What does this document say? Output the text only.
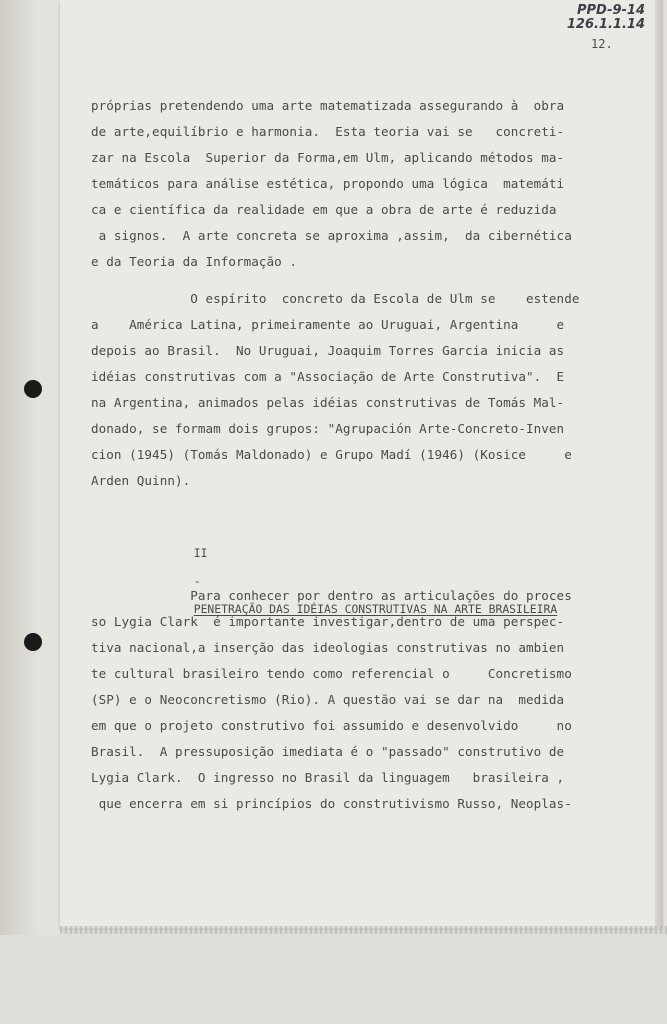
PPD-9-14
126.1.1.14
12.
próprias pretendendo uma arte matematizada assegurando à  obra
de arte,equilíbrio e harmonia.  Esta teoria vai se   concreti-
zar na Escola  Superior da Forma,em Ulm, aplicando métodos ma-
temáticos para análise estética, propondo uma lógica  matemáti
ca e científica da realidade em que a obra de arte é reduzida
a signos.  A arte concreta se aproxima ,assim,  da cibernética
e da Teoria da Informação .
O espírito  concreto da Escola de Ulm se    estende
a    América Latina, primeiramente ao Uruguai, Argentina     e
depois ao Brasil.  No Uruguai, Joaquim Torres Garcia inicia as
idéias construtivas com a "Associação de Arte Construtiva".  E
na Argentina, animados pelas idéias construtivas de Tomás Mal-
donado, se formam dois grupos: "Agrupación Arte-Concreto-Inven
cion (1945) (Tomás Maldonado) e Grupo Madí (1946) (Kosice     e
Arden Quinn).

II

-

PENETRAÇÃO DAS IDÉIAS CONSTRUTIVAS NA ARTE BRASILEIRA

Para conhecer por dentro as articulações do proces
so Lygia Clark  é importante investigar,dentro de uma perspec-
tiva nacional,a inserção das ideologias construtivas no ambien
te cultural brasileiro tendo como referencial o     Concretismo
(SP) e o Neoconcretismo (Rio). A questão vai se dar na  medida
em que o projeto construtivo foi assumido e desenvolvido     no
Brasil.  A pressuposição imediata é o "passado" construtivo de
Lygia Clark.  O ingresso no Brasil da linguagem   brasileira ,
que encerra em si princípios do construtivismo Russo, Neoplas-
